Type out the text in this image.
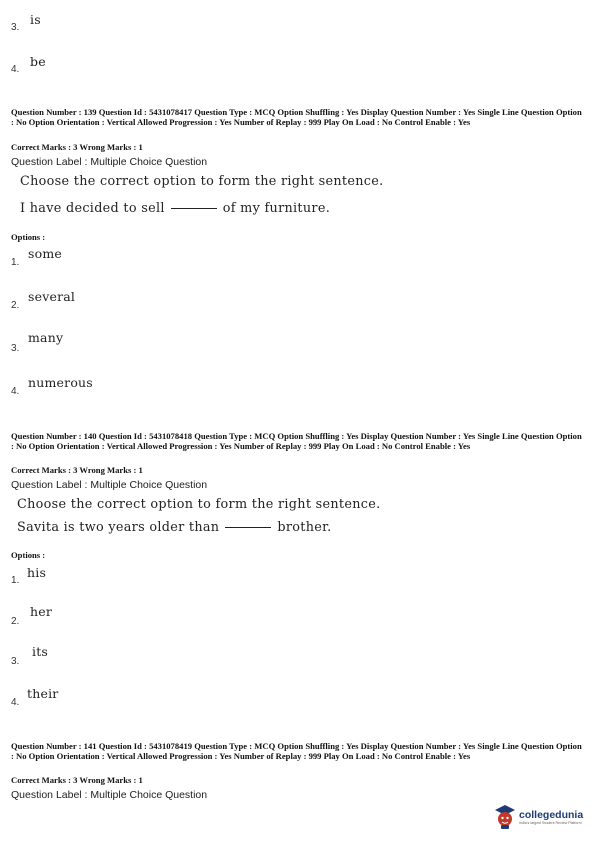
3.
is
4.
be
Question Number : 139 Question Id : 5431078417 Question Type : MCQ Option Shuffling : Yes Display Question Number : Yes Single Line Question Option : No Option Orientation : Vertical Allowed Progression : Yes Number of Replay : 999 Play On Load : No Control Enable : Yes
Correct Marks : 3 Wrong Marks : 1
Question Label : Multiple Choice Question
Choose the correct option to form the right sentence.
I have decided to sell	of my furniture.
Options :
1.
some
2.
several
3.
many
4.
numerous
Question Number : 140 Question Id : 5431078418 Question Type : MCQ Option Shuffling : Yes Display Question Number : Yes Single Line Question Option : No Option Orientation : Vertical Allowed Progression : Yes Number of Replay : 999 Play On Load : No Control Enable : Yes
Correct Marks : 3 Wrong Marks : 1
Question Label : Multiple Choice Question
Choose the correct option to form the right sentence.
Savita is two years older than	brother.
Options :
1.
his
2.
her
3.
its
4.
their
Question Number : 141 Question Id : 5431078419 Question Type : MCQ Option Shuffling : Yes Display Question Number : Yes Single Line Question Option : No Option Orientation : Vertical Allowed Progression : Yes Number of Replay : 999 Play On Load : No Control Enable : Yes
Correct Marks : 3 Wrong Marks : 1
Question Label : Multiple Choice Question
collegedunia
India's largest Student Review Platform
